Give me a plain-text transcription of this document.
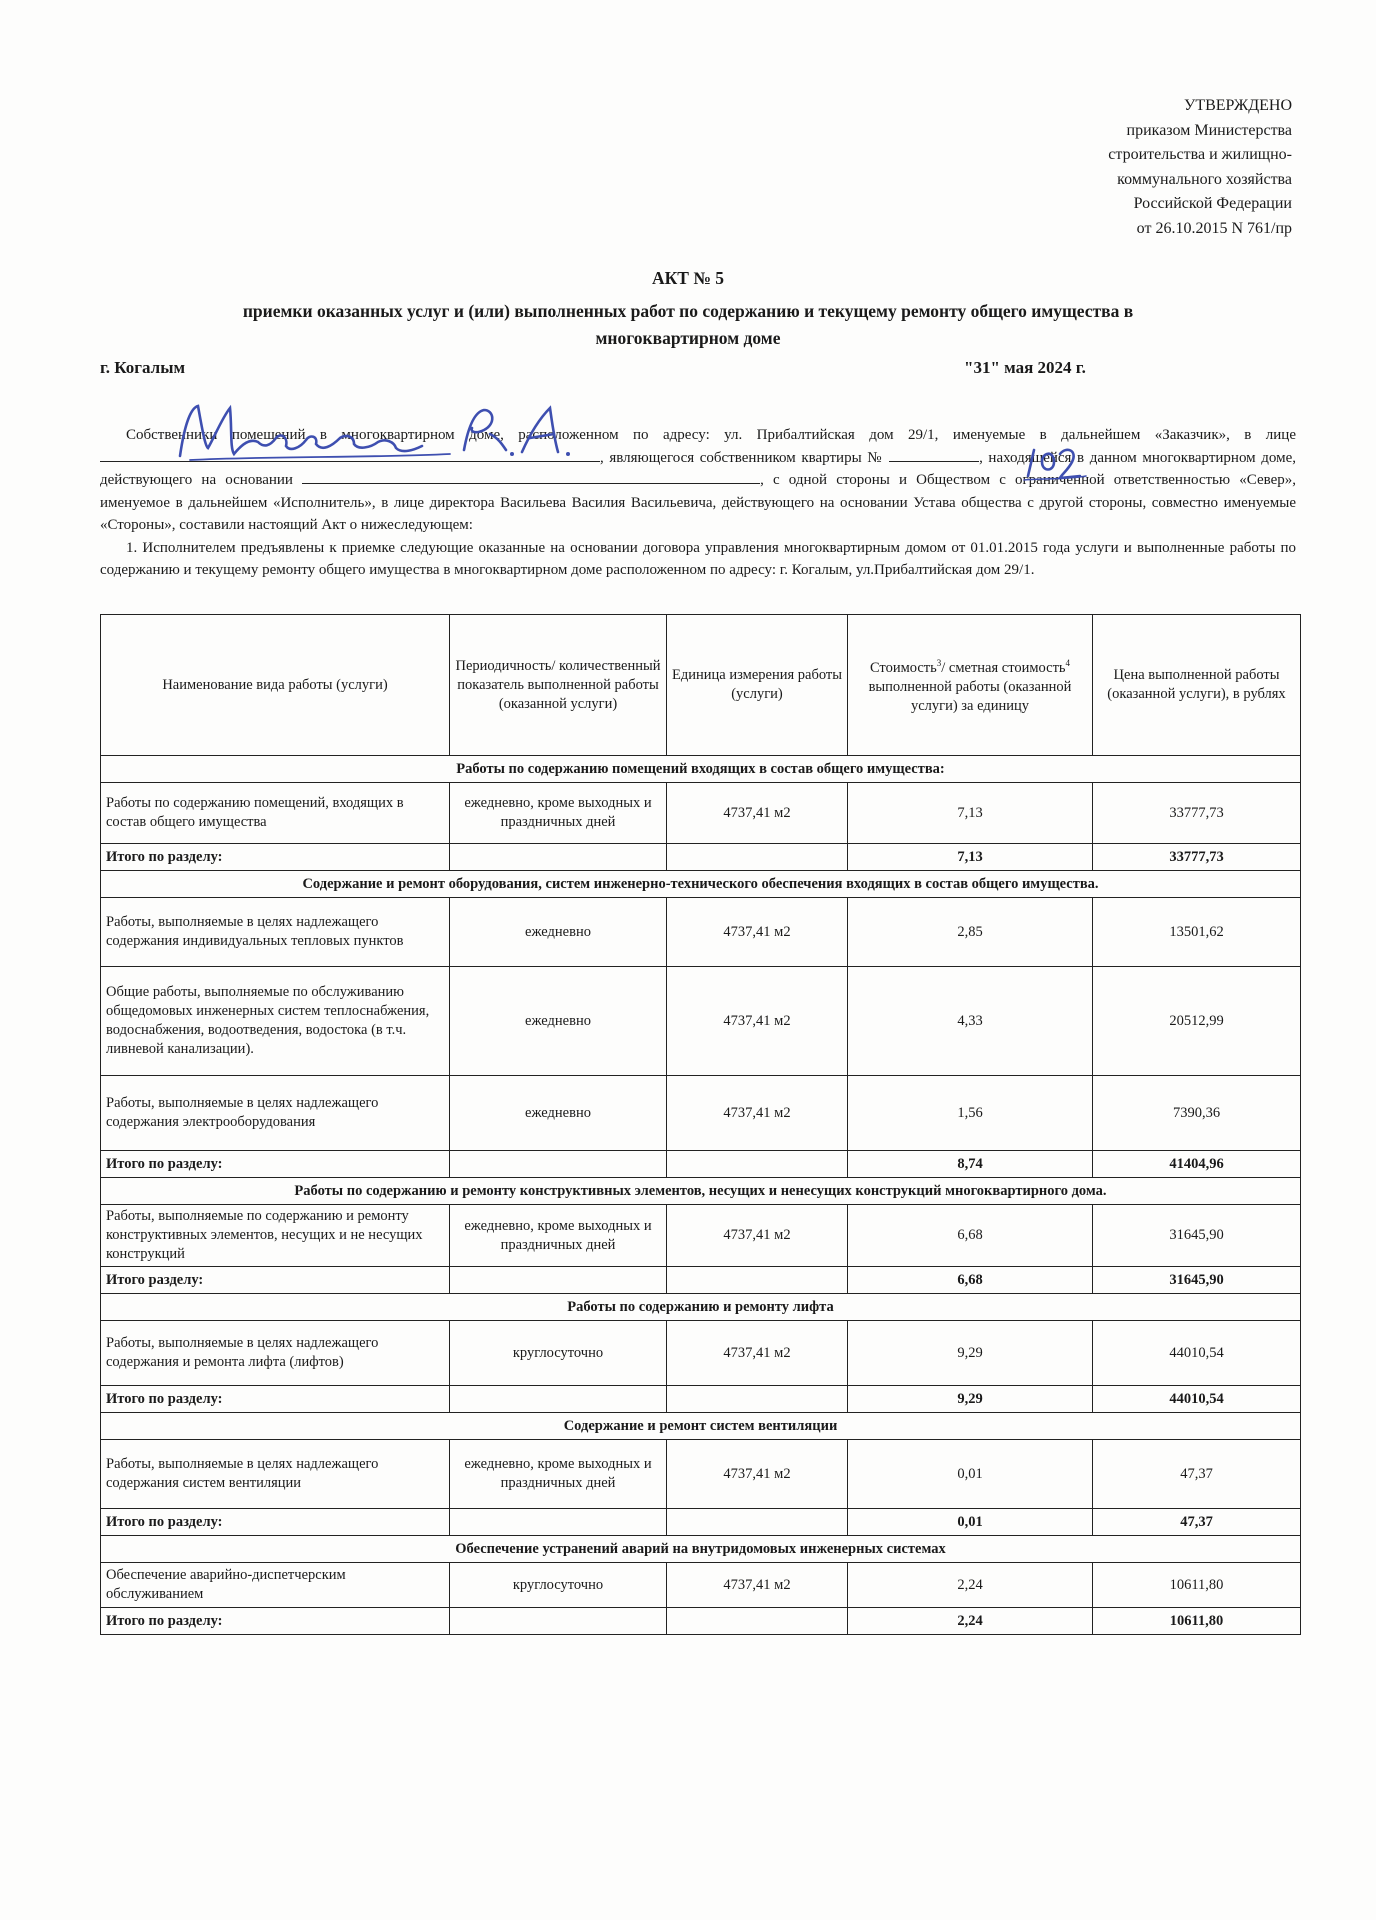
УТВЕРЖДЕНО
приказом Министерства
строительства и жилищно-
коммунального хозяйства
Российской Федерации
от 26.10.2015 N 761/пр
АКТ № 5
приемки оказанных услуг и (или) выполненных работ по содержанию и текущему ремонту общего имущества в
многоквартирном доме
г. Когалым	"31" мая 2024 г.

Собственники помещений в многоквартирном доме, расположенном по адресу: ул. Прибалтийская дом 29/1, именуемые в дальнейшем «Заказчик», в лице , являющегося собственником квартиры №	, находящейся в данном многоквартирном доме, действующего на основании	, с одной стороны и Обществом с ограниченной ответственностью «Север», именуемое в дальнейшем «Исполнитель», в лице директора Васильева Василия Васильевича, действующего на основании Устава общества с другой стороны, совместно именуемые «Стороны», составили настоящий Акт о нижеследующем:

1. Исполнителем предъявлены к приемке следующие оказанные на основании договора управления многоквартирным домом от 01.01.2015 года услуги и выполненные работы по содержанию и текущему ремонту общего имущества в многоквартирном доме расположенном по адресу: г. Когалым, ул.Прибалтийская дом 29/1.

Наименование вида работы (услуги)	Периодичность/ количественный показатель выполненной работы (оказанной услуги)	Единица измерения работы (услуги)	Стоимость$^3$/ сметная стоимость$^4$ выполненной работы (оказанной услуги) за единицу	Цена выполненной работы (оказанной услуги), в рублях
Работы по содержанию помещений входящих в состав общего имущества:				
Работы по содержанию помещений, входящих в состав общего имущества	ежедневно, кроме выходных и праздничных дней	4737,41 м2	7,13	33777,73
Итого по разделу:			7,13	33777,73
Содержание и ремонт оборудования, систем инженерно-технического обеспечения входящих в состав общего имущества.				
Работы, выполняемые в целях надлежащего содержания индивидуальных тепловых пунктов	ежедневно	4737,41 м2	2,85	13501,62
Общие работы, выполняемые по обслуживанию общедомовых инженерных систем теплоснабжения, водоснабжения, водоотведения, водостока (в т.ч. ливневой канализации).	ежедневно	4737,41 м2	4,33	20512,99
Работы, выполняемые в целях надлежащего содержания электрооборудования	ежедневно	4737,41 м2	1,56	7390,36
Итого по разделу:			8,74	41404,96
Работы по содержанию и ремонту конструктивных элементов, несущих и ненесущих конструкций многоквартирного дома.				
Работы, выполняемые по содержанию и ремонту конструктивных элементов, несущих и не несущих конструкций	ежедневно, кроме выходных и праздничных дней	4737,41 м2	6,68	31645,90
Итого разделу:			6,68	31645,90
Работы по содержанию и ремонту лифта				
Работы, выполняемые в целях надлежащего содержания и ремонта лифта (лифтов)	круглосуточно	4737,41 м2	9,29	44010,54
Итого по разделу:			9,29	44010,54
Содержание и ремонт систем вентиляции				
Работы, выполняемые в целях надлежащего содержания систем вентиляции	ежедневно, кроме выходных и праздничных дней	4737,41 м2	0,01	47,37
Итого по разделу:			0,01	47,37
Обеспечение устранений аварий на внутридомовых инженерных системах				
Обеспечение аварийно-диспетчерским обслуживанием	круглосуточно	4737,41 м2	2,24	10611,80
Итого по разделу:			2,24	10611,80
